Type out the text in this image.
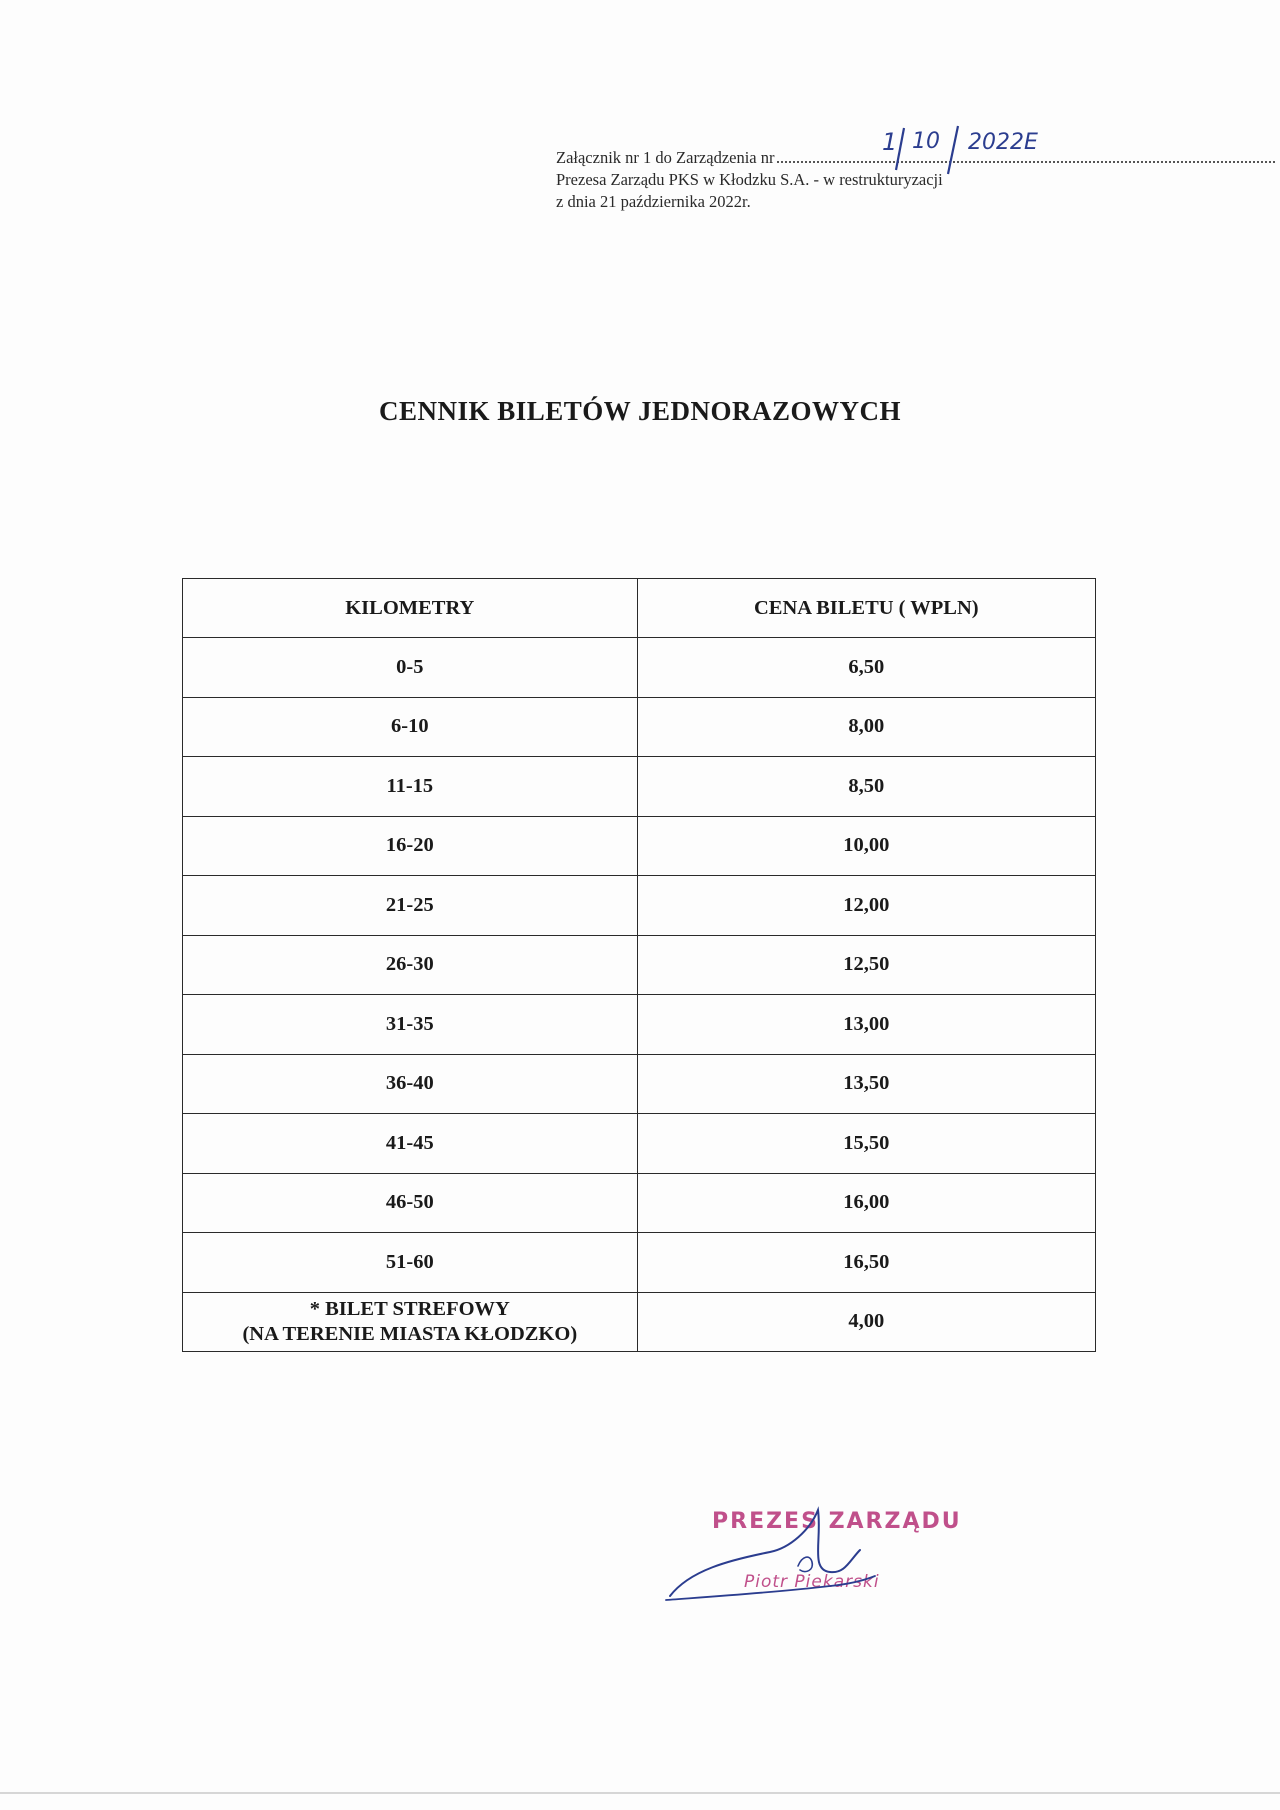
Załącznik nr 1 do Zarządzenia nr
Prezesa Zarządu PKS w Kłodzku S.A. - w restrukturyzacji
z dnia 21 października 2022r.
1 10 2022E
CENNIK BILETÓW JEDNORAZOWYCH
KILOMETRY	CENA BILETU ( WPLN)
0-5	6,50
6-10	8,00
11-15	8,50
16-20	10,00
21-25	12,00
26-30	12,50
31-35	13,00
36-40	13,50
41-45	15,50
46-50	16,00
51-60	16,50

* BILET STREFOWY
(NA TERENIE MIASTA KŁODZKO)	4,00
PREZES ZARZĄDU
Piotr Piekarski
